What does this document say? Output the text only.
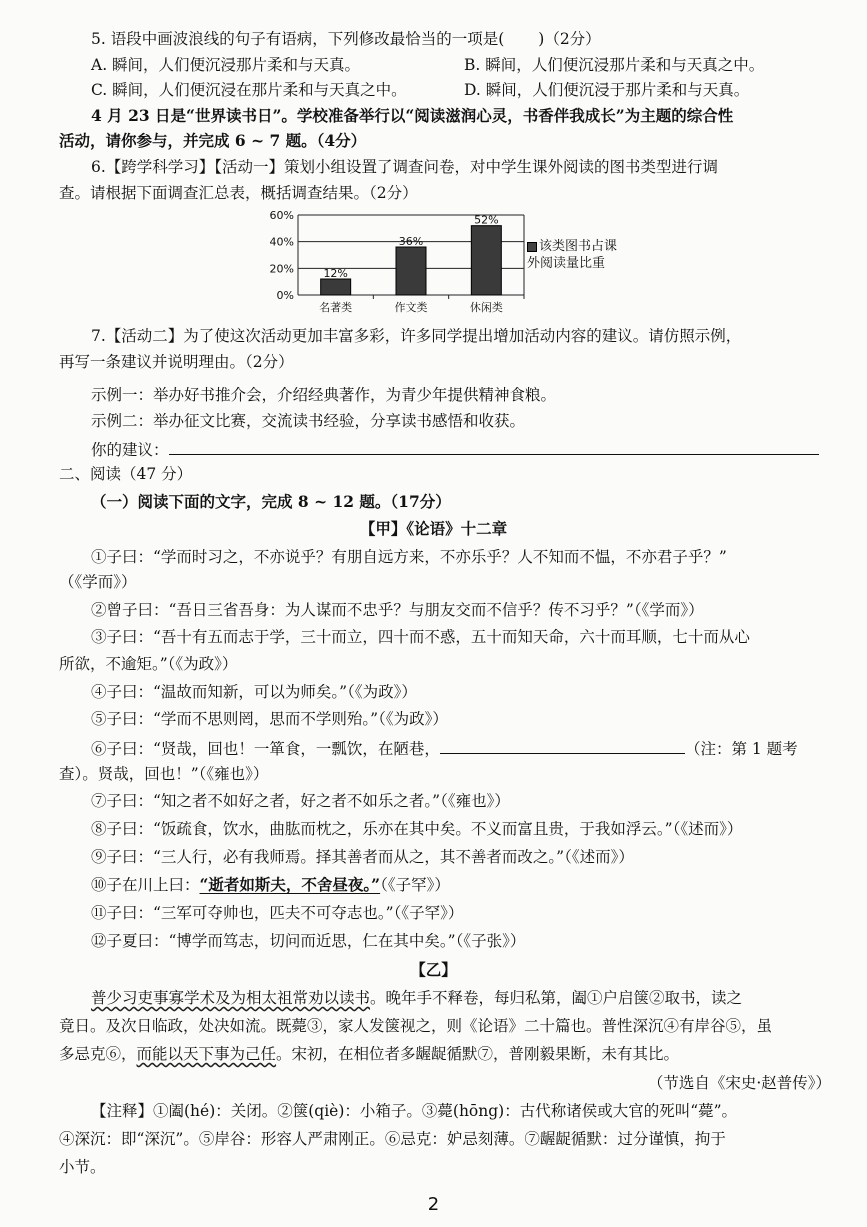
5. 语段中画波浪线的句子有语病，下列修改最恰当的一项是( )（2分）
A. 瞬间，人们便沉浸那片柔和与天真。	B. 瞬间，人们便沉浸那片柔和与天真之中。
C. 瞬间，人们便沉浸在那片柔和与天真之中。	D. 瞬间，人们便沉浸于那片柔和与天真。
4 月 23 日是“世界读书日”。学校准备举行以“阅读滋润心灵，书香伴我成长”为主题的综合性
活动，请你参与，并完成 6 ~ 7 题。（4分）
6.【跨学科学习】【活动一】策划小组设置了调查问卷，对中学生课外阅读的图书类型进行调
查。请根据下面调查汇总表，概括调查结果。（2分）
0%
20%
40%
60%
12%
名著类
36%
作文类
52%
休闲类
该类图书占课外阅读量比重
7.【活动二】为了使这次活动更加丰富多彩，许多同学提出增加活动内容的建议。请仿照示例，
再写一条建议并说明理由。（2分）
示例一：举办好书推介会，介绍经典著作，为青少年提供精神食粮。
示例二：举办征文比赛，交流读书经验，分享读书感悟和收获。
你的建议：
二、阅读（47 分）
（一）阅读下面的文字，完成 8 ~ 12 题。（17分）
【甲】《论语》十二章
①子曰：“学而时习之，不亦说乎？有朋自远方来，不亦乐乎？人不知而不愠，不亦君子乎？”
（《学而》）
②曾子曰：“吾日三省吾身：为人谋而不忠乎？与朋友交而不信乎？传不习乎？”（《学而》）
③子曰：“吾十有五而志于学，三十而立，四十而不惑，五十而知天命，六十而耳顺，七十而从心
所欲，不逾矩。”（《为政》）
④子曰：“温故而知新，可以为师矣。”（《为政》）
⑤子曰：“学而不思则罔，思而不学则殆。”（《为政》）
⑥子曰：“贤哉，回也！一箪食，一瓢饮，在陋巷，	（注：第 1 题考
查）。贤哉，回也！”（《雍也》）
⑦子曰：“知之者不如好之者，好之者不如乐之者。”（《雍也》）
⑧子曰：“饭疏食，饮水，曲肱而枕之，乐亦在其中矣。不义而富且贵，于我如浮云。”（《述而》）
⑨子曰：“三人行，必有我师焉。择其善者而从之，其不善者而改之。”（《述而》）
⑩子在川上曰：“逝者如斯夫，不舍昼夜。”（《子罕》）
⑪子曰：“三军可夺帅也，匹夫不可夺志也。”（《子罕》）
⑫子夏曰：“博学而笃志，切问而近思，仁在其中矣。”（《子张》）
【乙】
普少习吏事寡学术及为相太祖常劝以读书。晚年手不释卷，每归私第，阖①户启箧②取书，读之
竟日。及次日临政，处决如流。既薨③，家人发箧视之，则《论语》二十篇也。普性深沉④有岸谷⑤，虽
多忌克⑥，而能以天下事为己任。宋初，在相位者多龌龊循默⑦，普刚毅果断，未有其比。
（节选自《宋史·赵普传》）
【注释】①阖(hé)：关闭。②箧(qiè)：小箱子。③薨(hōng)：古代称诸侯或大官的死叫“薨”。
④深沉：即“深沉”。⑤岸谷：形容人严肃刚正。⑥忌克：妒忌刻薄。⑦龌龊循默：过分谨慎，拘于
小节。
2
